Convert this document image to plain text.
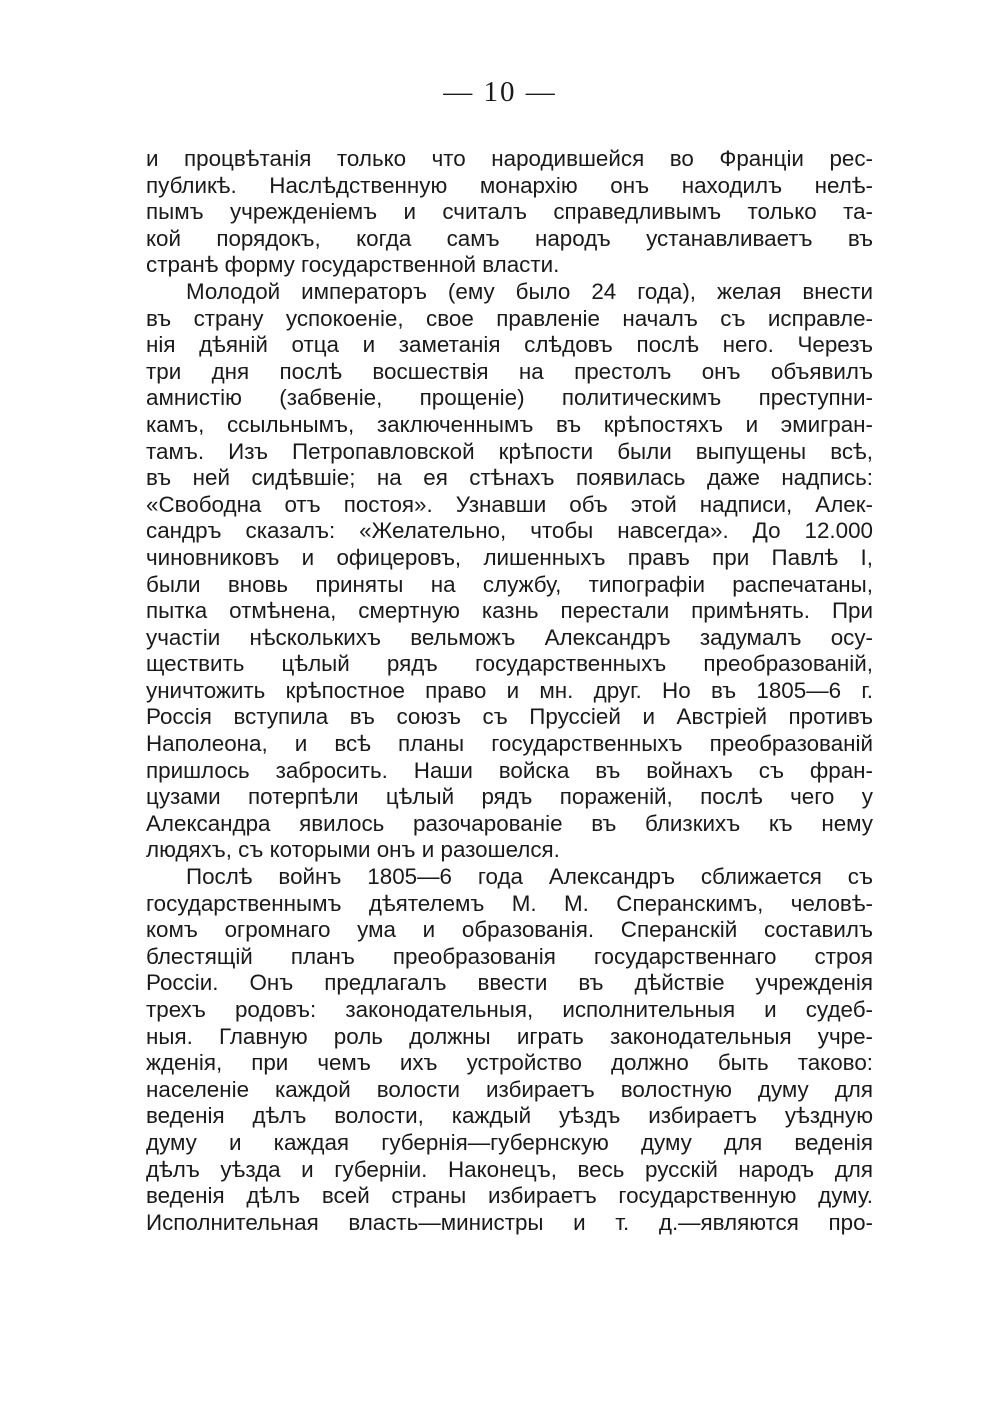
— 10 —
и процвѣтанія только что народившейся во Франціи рес-
публикѣ. Наслѣдственную монархію онъ находилъ нелѣ-
пымъ учрежденіемъ и считалъ справедливымъ только та-
кой порядокъ, когда самъ народъ устанавливаетъ въ
странѣ форму государственной власти.
Молодой императоръ (ему было 24 года), желая внести
въ страну успокоеніе, свое правленіе началъ съ исправле-
нія дѣяній отца и заметанія слѣдовъ послѣ него. Черезъ
три дня послѣ восшествія на престолъ онъ объявилъ
амнистію (забвеніе, прощеніе) политическимъ преступни-
камъ, ссыльнымъ, заключеннымъ въ крѣпостяхъ и эмигран-
тамъ. Изъ Петропавловской крѣпости были выпущены всѣ,
въ ней сидѣвшіе; на ея стѣнахъ появилась даже надпись:
«Свободна отъ постоя». Узнавши объ этой надписи, Алек-
сандръ сказалъ: «Желательно, чтобы навсегда». До 12.000
чиновниковъ и офицеровъ, лишенныхъ правъ при Павлѣ I,
были вновь приняты на службу, типографіи распечатаны,
пытка отмѣнена, смертную казнь перестали примѣнять. При
участіи нѣсколькихъ вельможъ Александръ задумалъ осу-
ществить цѣлый рядъ государственныхъ преобразованій,
уничтожить крѣпостное право и мн. друг. Но въ 1805—6 г.
Россія вступила въ союзъ съ Пруссіей и Австріей противъ
Наполеона, и всѣ планы государственныхъ преобразованій
пришлось забросить. Наши войска въ войнахъ съ фран-
цузами потерпѣли цѣлый рядъ пораженій, послѣ чего у
Александра явилось разочарованіе въ близкихъ къ нему
людяхъ, съ которыми онъ и разошелся.
Послѣ войнъ 1805—6 года Александръ сближается съ
государственнымъ дѣятелемъ М. М. Сперанскимъ, человѣ-
комъ огромнаго ума и образованія. Сперанскій составилъ
блестящій планъ преобразованія государственнаго строя
Россіи. Онъ предлагалъ ввести въ дѣйствіе учрежденія
трехъ родовъ: законодательныя, исполнительныя и судеб-
ныя. Главную роль должны играть законодательныя учре-
жденія, при чемъ ихъ устройство должно быть таково:
населеніе каждой волости избираетъ волостную думу для
веденія дѣлъ волости, каждый уѣздъ избираетъ уѣздную
думу и каждая губернія—губернскую думу для веденія
дѣлъ уѣзда и губерніи. Наконецъ, весь русскій народъ для
веденія дѣлъ всей страны избираетъ государственную думу.
Исполнительная власть—министры и т. д.—являются про-
